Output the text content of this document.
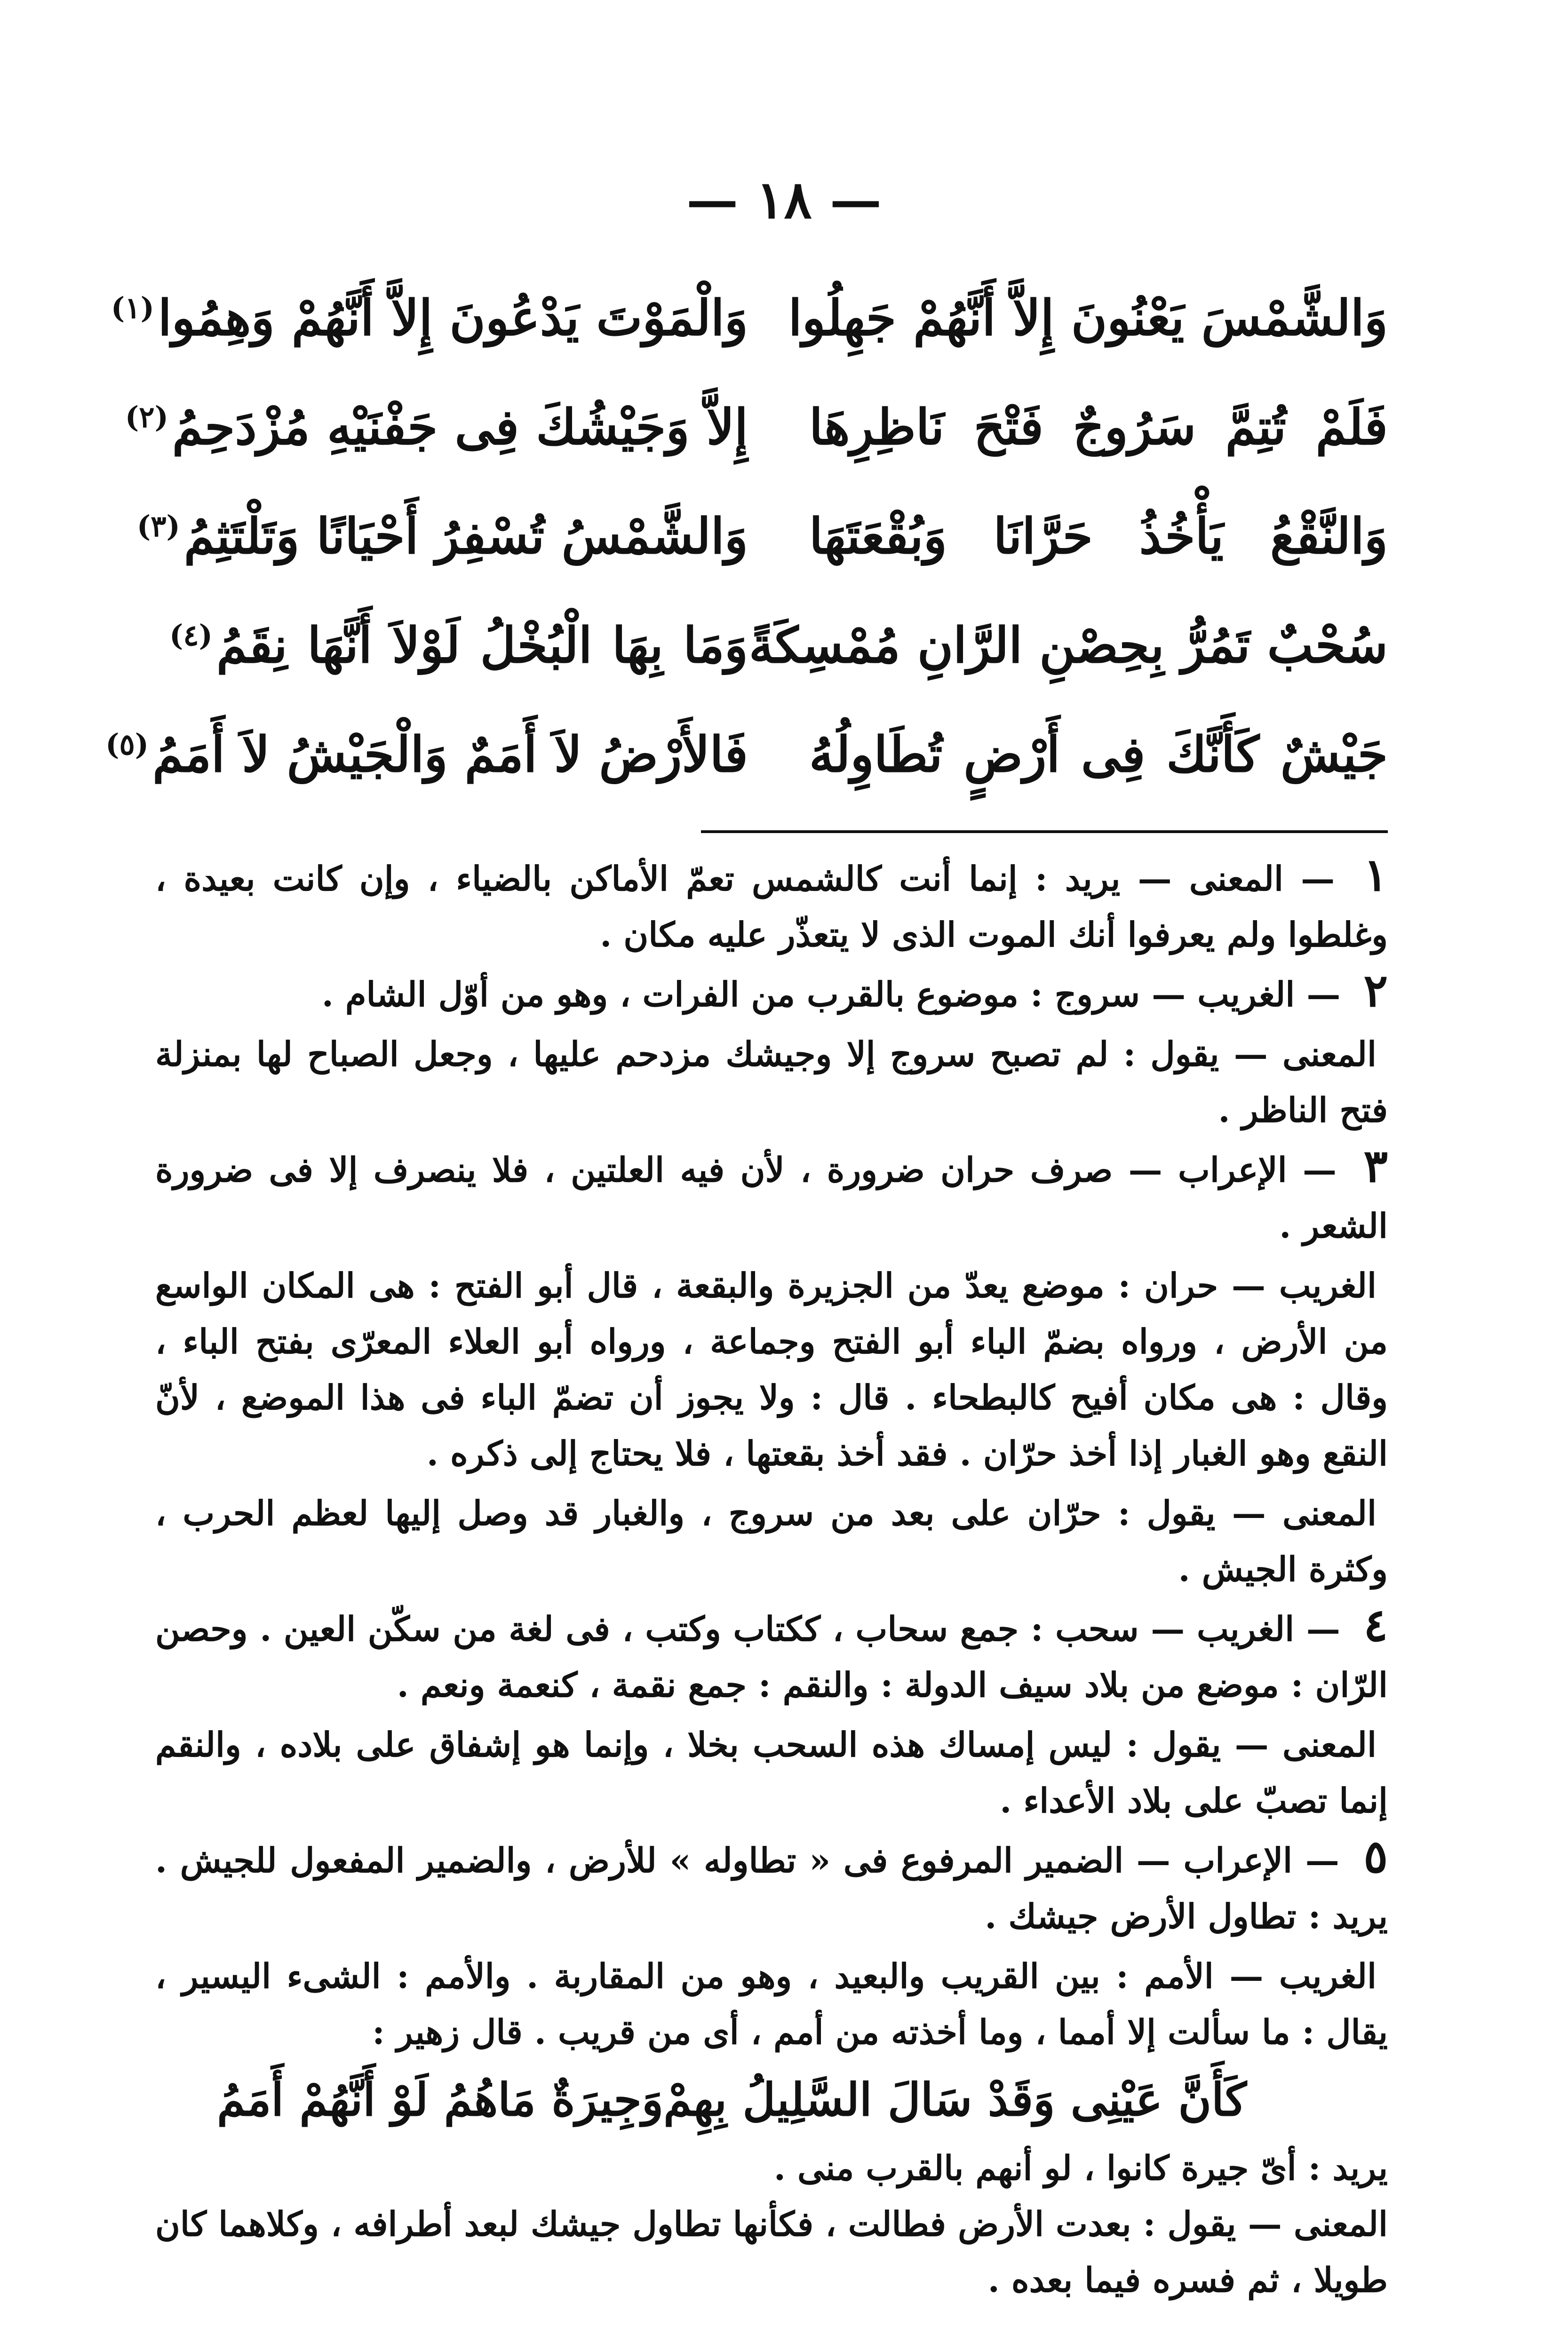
— ١٨ —
وَالشَّمْسَ يَعْنُونَ إِلاَّ أَنَّهُمْ جَهِلُوا
وَالْمَوْتَ يَدْعُونَ إِلاَّ أَنَّهُمْ وَهِمُوا$^{(١)}$
فَلَمْ تُتِمَّ سَرُوجٌ فَتْحَ نَاظِرِهَا
إِلاَّ وَجَيْشُكَ فِى جَفْنَيْهِ مُزْدَحِمُ$^{(٢)}$
وَالنَّقْعُ يَأْخُذُ حَرَّانَا وَبُقْعَتَهَا
وَالشَّمْسُ تُسْفِرُ أَحْيَانًا وَتَلْتَثِمُ$^{(٣)}$
سُحْبٌ تَمُرُّ بِحِصْنِ الرَّانِ مُمْسِكَةً
وَمَا بِهَا الْبُخْلُ لَوْلاَ أَنَّهَا نِقَمُ$^{(٤)}$
جَيْشٌ كَأَنَّكَ فِى أَرْضٍ تُطَاوِلُهُ
فَالأَرْضُ لاَ أَمَمٌ وَالْجَيْشُ لاَ أَمَمُ$^{(٥)}$
١ — المعنى — يريد : إنما أنت كالشمس تعمّ الأماكن بالضياء ، وإن كانت بعيدة ، وغلطوا ولم يعرفوا أنك الموت الذى لا يتعذّر عليه مكان .
٢ — الغريب — سروج : موضوع بالقرب من الفرات ، وهو من أوّل الشام .
المعنى — يقول : لم تصبح سروج إلا وجيشك مزدحم عليها ، وجعل الصباح لها بمنزلة فتح الناظر .
٣ — الإعراب — صرف حران ضرورة ، لأن فيه العلتين ، فلا ينصرف إلا فى ضرورة الشعر .
الغريب — حران : موضع يعدّ من الجزيرة والبقعة ، قال أبو الفتح : هى المكان الواسع من الأرض ، ورواه بضمّ الباء أبو الفتح وجماعة ، ورواه أبو العلاء المعرّى بفتح الباء ، وقال : هى مكان أفيح كالبطحاء . قال : ولا يجوز أن تضمّ الباء فى هذا الموضع ، لأنّ النقع وهو الغبار إذا أخذ حرّان . فقد أخذ بقعتها ، فلا يحتاج إلى ذكره .
المعنى — يقول : حرّان على بعد من سروج ، والغبار قد وصل إليها لعظم الحرب ، وكثرة الجيش .
٤ — الغريب — سحب : جمع سحاب ، ككتاب وكتب ، فى لغة من سكّن العين . وحصن الرّان : موضع من بلاد سيف الدولة : والنقم : جمع نقمة ، كنعمة ونعم .
المعنى — يقول : ليس إمساك هذه السحب بخلا ، وإنما هو إشفاق على بلاده ، والنقم إنما تصبّ على بلاد الأعداء .
٥ — الإعراب — الضمير المرفوع فى « تطاوله » للأرض ، والضمير المفعول للجيش . يريد : تطاول الأرض جيشك .
الغريب — الأمم : بين القريب والبعيد ، وهو من المقاربة . والأمم : الشىء اليسير ، يقال : ما سألت إلا أمما ، وما أخذته من أمم ، أى من قريب . قال زهير :
كَأَنَّ عَيْنِى وَقَدْ سَالَ السَّلِيلُ بِهِمْ
وَجِيرَةٌ مَاهُمُ لَوْ أَنَّهُمْ أَمَمُ
يريد : أىّ جيرة كانوا ، لو أنهم بالقرب منى .
المعنى — يقول : بعدت الأرض فطالت ، فكأنها تطاول جيشك لبعد أطرافه ، وكلاهما كان طويلا ، ثم فسره فيما بعده .
